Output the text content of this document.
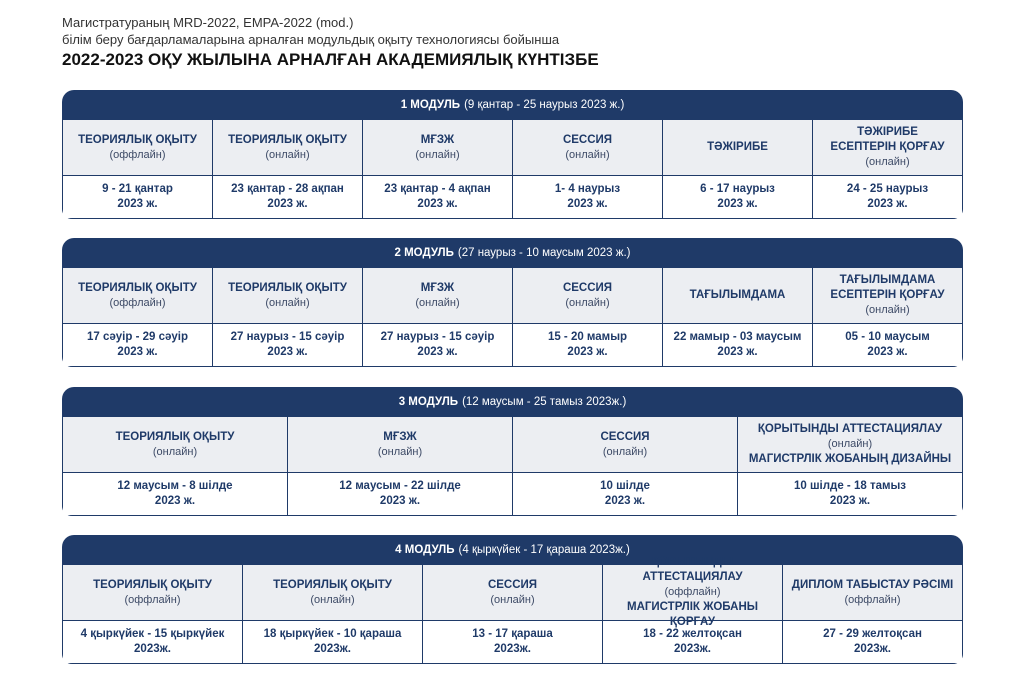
Магистратураның MRD-2022, EMPA-2022 (mod.)
білім беру бағдарламаларына арналған модульдық оқыту технологиясы бойынша
2022-2023 ОҚУ ЖЫЛЫНА АРНАЛҒАН АКАДЕМИЯЛЫҚ КҮНТІЗБЕ
1 МОДУЛЬ (9 қантар - 25 наурыз 2023 ж.)
ТЕОРИЯЛЫҚ ОҚЫТУ
(оффлайн)
ТЕОРИЯЛЫҚ ОҚЫТУ
(онлайн)
МҒЗЖ
(онлайн)
СЕССИЯ
(онлайн)
ТӘЖІРИБЕ
ТӘЖІРИБЕ
ЕСЕПТЕРІН ҚОРҒАУ
(онлайн)
9 - 21 қантар
2023 ж.
23 қантар - 28 ақпан
2023 ж.
23 қантар - 4 ақпан
2023 ж.
1- 4 наурыз
2023 ж.
6 - 17 наурыз
2023 ж.
24 - 25 наурыз
2023 ж.
2 МОДУЛЬ (27 наурыз - 10 маусым 2023 ж.)
ТЕОРИЯЛЫҚ ОҚЫТУ
(оффлайн)
ТЕОРИЯЛЫҚ ОҚЫТУ
(онлайн)
МҒЗЖ
(онлайн)
СЕССИЯ
(онлайн)
ТАҒЫЛЫМДАМА
ТАҒЫЛЫМДАМА
ЕСЕПТЕРІН ҚОРҒАУ
(онлайн)
17 сәуір - 29 сәуір
2023 ж.
27 наурыз - 15 сәуір
2023 ж.
27 наурыз - 15 сәуір
2023 ж.
15 - 20 мамыр
2023 ж.
22 мамыр - 03 маусым
2023 ж.
05 - 10 маусым
2023 ж.
3 МОДУЛЬ (12 маусым - 25 тамыз 2023ж.)
ТЕОРИЯЛЫҚ ОҚЫТУ
(онлайн)
МҒЗЖ
(онлайн)
СЕССИЯ
(онлайн)
ҚОРЫТЫНДЫ АТТЕСТАЦИЯЛАУ
(онлайн)
МАГИСТРЛІК ЖОБАНЫҢ ДИЗАЙНЫ
12 маусым - 8 шілде
2023 ж.
12 маусым - 22 шілде
2023 ж.
10 шілде
2023 ж.
10 шілде - 18 тамыз
2023 ж.
4 МОДУЛЬ (4 қыркүйек - 17 қараша 2023ж.)
ТЕОРИЯЛЫҚ ОҚЫТУ
(оффлайн)
ТЕОРИЯЛЫҚ ОҚЫТУ
(онлайн)
СЕССИЯ
(онлайн)
ҚОРЫТЫНДЫ АТТЕСТАЦИЯЛАУ
(оффлайн)
МАГИСТРЛІК ЖОБАНЫ ҚОРҒАУ
ДИПЛОМ ТАБЫСТАУ РӘСІМІ
(оффлайн)
4 қыркүйек - 15 қыркүйек
2023ж.
18 қыркүйек - 10 қараша
2023ж.
13 - 17 қараша
2023ж.
18 - 22 желтоқсан
2023ж.
27 - 29 желтоқсан
2023ж.
